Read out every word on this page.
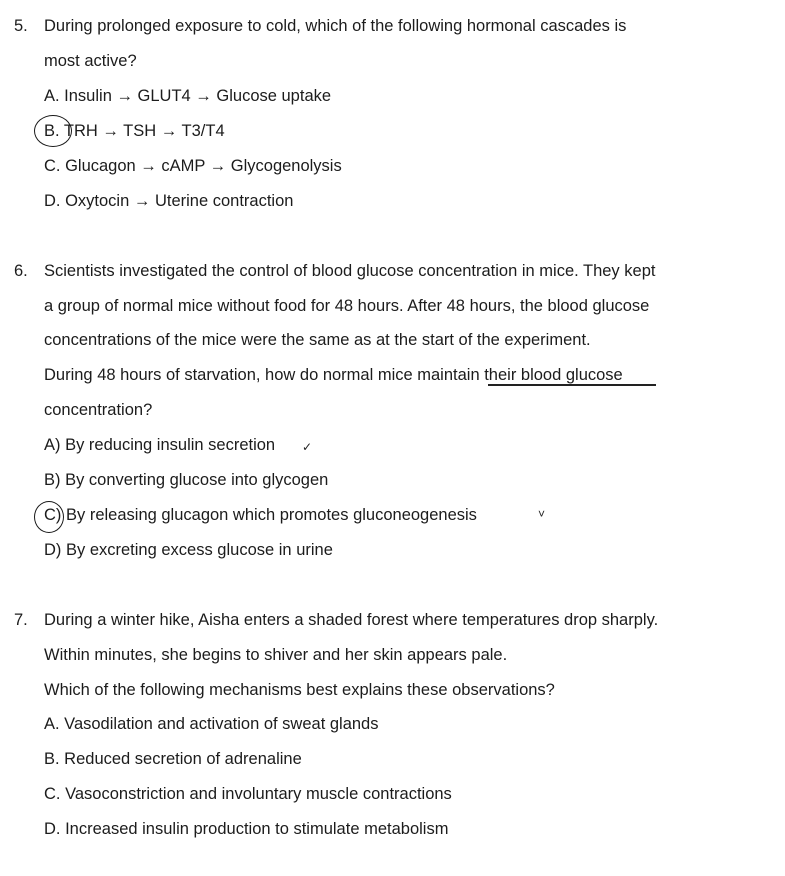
5. During prolonged exposure to cold, which of the following hormonal cascades is
most active?
A. Insulin → GLUT4 → Glucose uptake
B. TRH → TSH → T3/T4
C. Glucagon → cAMP → Glycogenolysis
D. Oxytocin → Uterine contraction
6. Scientists investigated the control of blood glucose concentration in mice. They kept
a group of normal mice without food for 48 hours. After 48 hours, the blood glucose
concentrations of the mice were the same as at the start of the experiment.
During 48 hours of starvation, how do normal mice maintain their blood glucose
concentration?
A) By reducing insulin secretion
B) By converting glucose into glycogen
C) By releasing glucagon which promotes gluconeogenesis
D) By excreting excess glucose in urine
✓
˅
7. During a winter hike, Aisha enters a shaded forest where temperatures drop sharply.
Within minutes, she begins to shiver and her skin appears pale.
Which of the following mechanisms best explains these observations?
A. Vasodilation and activation of sweat glands
B. Reduced secretion of adrenaline
C. Vasoconstriction and involuntary muscle contractions
D. Increased insulin production to stimulate metabolism
